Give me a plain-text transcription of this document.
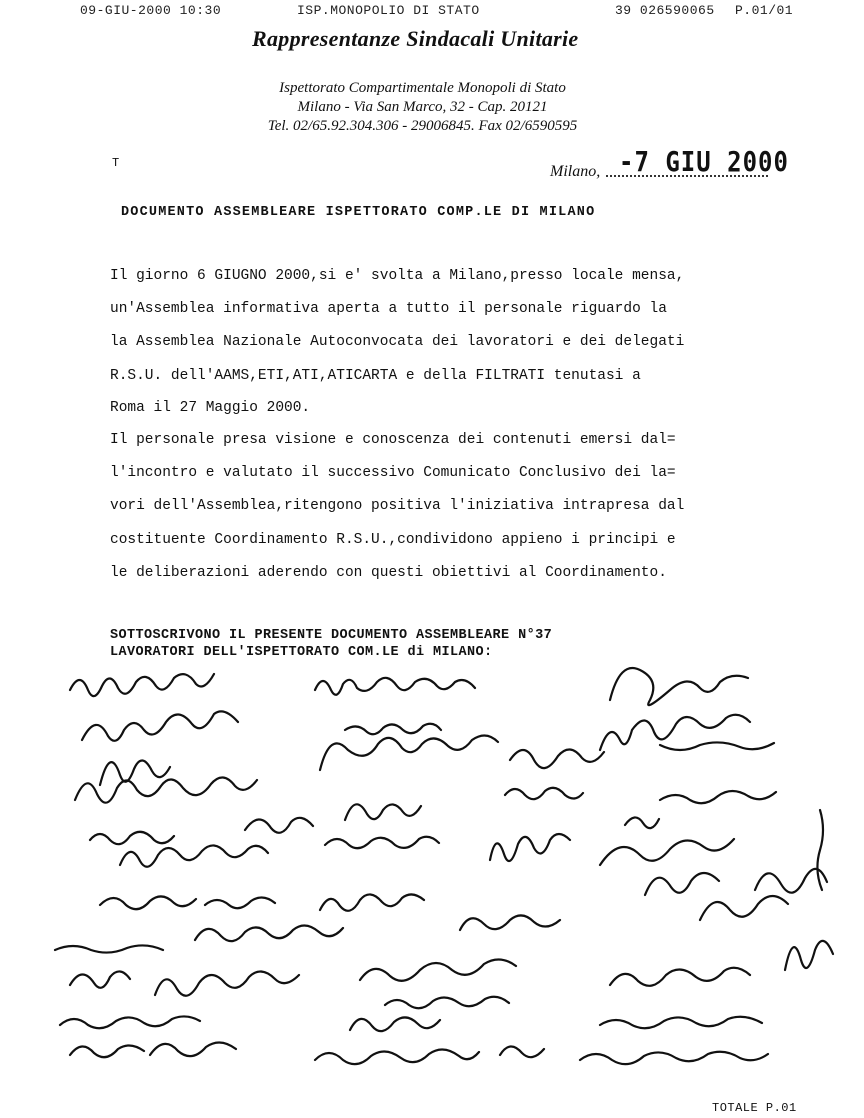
09-GIU-2000 10:30	ISP.MONOPOLIO DI STATO	39 026590065 P.01/01
Rappresentanze Sindacali Unitarie
Ispettorato Compartimentale Monopoli di Stato
Milano - Via San Marco, 32 - Cap. 20121
Tel. 02/65.92.304.306 - 29006845. Fax 02/6590595
T	Milano, -7 GIU 2000
DOCUMENTO ASSEMBLEARE ISPETTORATO COMP.LE DI MILANO
Il giorno 6 GIUGNO 2000,si e' svolta a Milano,presso locale mensa,
un'Assemblea informativa aperta a tutto il personale riguardo la
la Assemblea Nazionale Autoconvocata dei lavoratori e dei delegati
R.S.U. dell'AAMS,ETI,ATI,ATICARTA e della FILTRATI tenutasi a
Roma il 27 Maggio 2000.
Il personale presa visione e conoscenza dei contenuti emersi dal=
l'incontro e valutato il successivo Comunicato Conclusivo dei la=
vori dell'Assemblea,ritengono positiva l'iniziativa intrapresa dal
costituente Coordinamento R.S.U.,condividono appieno i principi e
le deliberazioni aderendo con questi obiettivi al Coordinamento.
SOTTOSCRIVONO IL PRESENTE DOCUMENTO ASSEMBLEARE N°37
LAVORATORI DELL'ISPETTORATO COM.LE di MILANO:
TOTALE P.01
